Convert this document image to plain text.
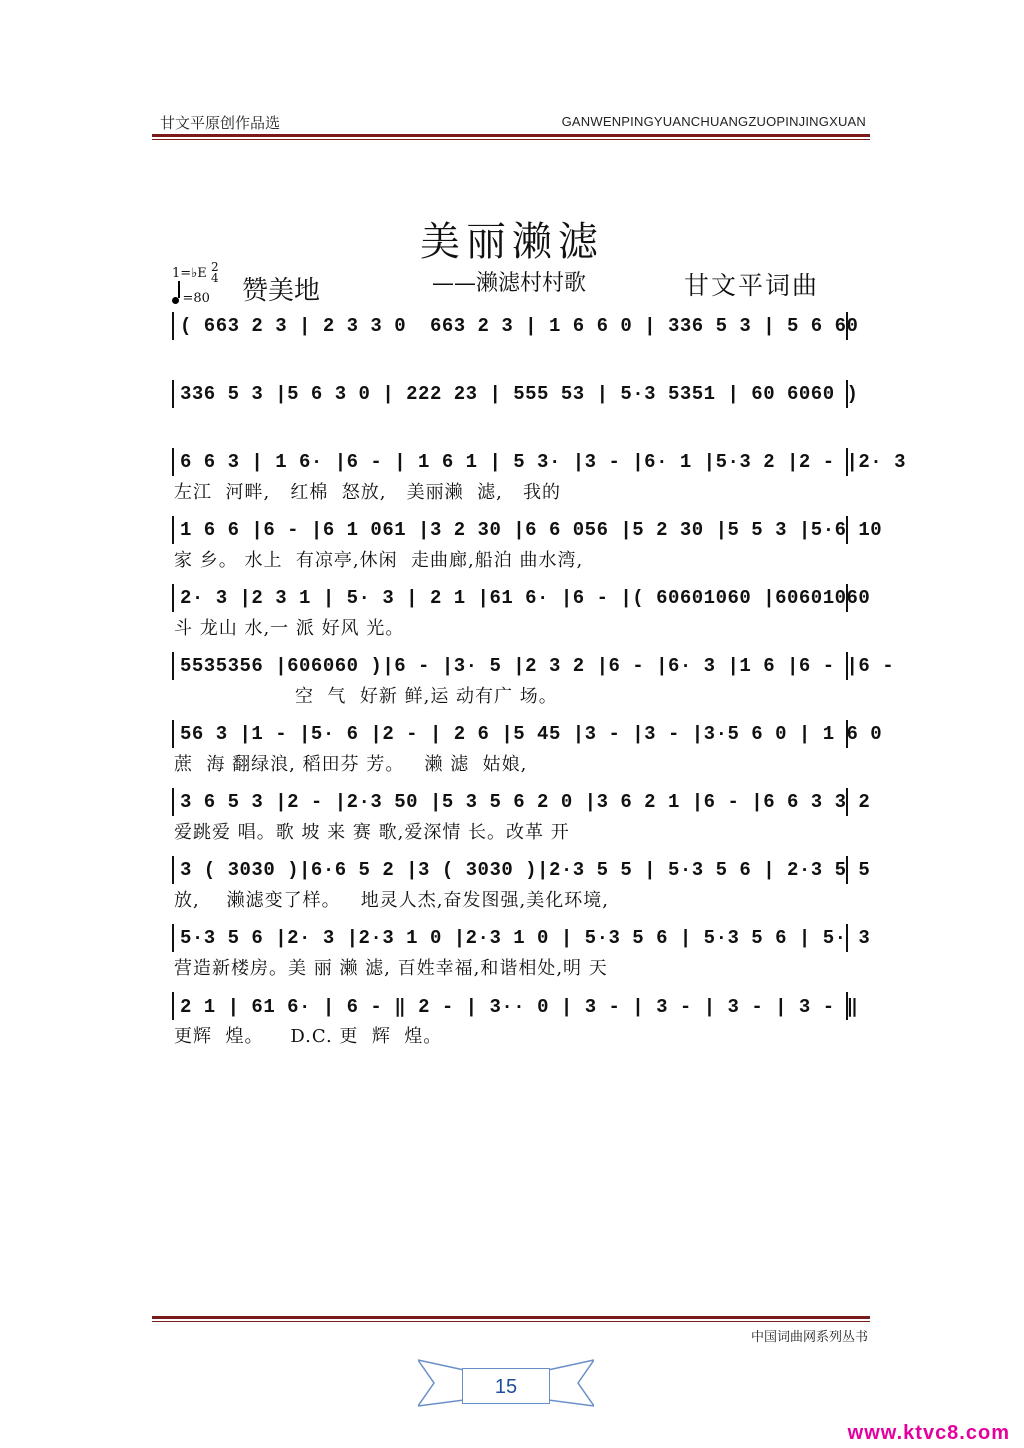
甘文平原创作品选	GANWENPINGYUANCHUANGZUOPINJINGXUAN
美丽濑滤
1=♭E 2
4
=80 赞美地	——濑滤村村歌	甘文平词曲
( 663 2 3 | 2 3 3 0  663 2 3 | 1 6 6 0 | 336 5 3 | 5 6 60
336 5 3 |5 6 3 0 | 222 23 | 555 53 | 5·3 5351 | 60 6060 )
6 6 3 | 1 6· |6 - | 1 6 1 | 5 3· |3 - |6· 1 |5·3 2 |2 - |2· 3
左江  河畔,   红棉  怒放,   美丽濑  滤,   我的
1 6 6 |6 - |6 1 061 |3 2 30 |6 6 056 |5 2 30 |5 5 3 |5·6 10
家 乡。 水上  有凉亭,休闲  走曲廊,船泊 曲水湾,
2· 3 |2 3 1 | 5· 3 | 2 1 |61 6· |6 - |( 60601060 |60601060
斗 龙山 水,一 派 好风 光。
5535356 |606060 )|6 - |3· 5 |2 3 2 |6 - |6· 3 |1 6 |6 - |6 -
空  气  好新 鲜,运 动有广 场。
56 3 |1 - |5· 6 |2 - | 2 6 |5 45 |3 - |3 - |3·5 6 0 | 1 6 0
蔗  海 翻绿浪, 稻田芬 芳。   濑 滤  姑娘,
3 6 5 3 |2 - |2·3 50 |5 3 5 6 2 0 |3 6 2 1 |6 - |6 6 3 3 2
爱跳爱 唱。歌 坡 来 赛 歌,爱深情 长。改革 开
3 ( 3030 )|6·6 5 2 |3 ( 3030 )|2·3 5 5 | 5·3 5 6 | 2·3 5 5
放,    濑滤变了样。   地灵人杰,奋发图强,美化环境,
5·3 5 6 |2· 3 |2·3 1 0 |2·3 1 0 | 5·3 5 6 | 5·3 5 6 | 5· 3
营造新楼房。美 丽 濑 滤, 百姓幸福,和谐相处,明 天
2 1 | 61 6· | 6 - ‖ 2 - | 3·· 0 | 3 - | 3 - | 3 - | 3 - ‖
更辉  煌。    D.C. 更  辉  煌。
中国词曲网系列丛书
15
www.ktvc8.com
